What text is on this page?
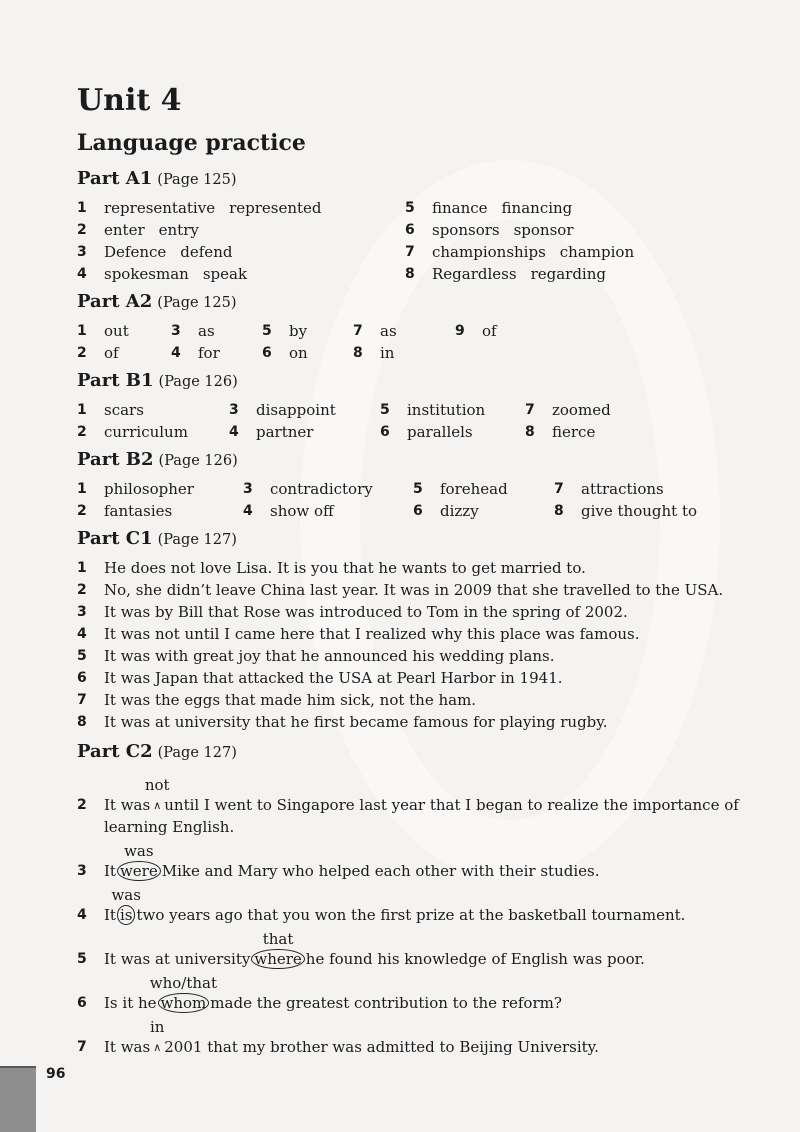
Unit 4
Language practice
Part A1 (Page 125)
1 representative represented
2 enter entry
3 Defence defend
4 spokesman speak
5 finance financing
6 sponsors sponsor
7 championships champion
8 Regardless regarding
Part A2 (Page 125)
1 out	3 as	5 by	7 as	9 of
2 of	4 for	6 on	8 in
Part B1 (Page 126)
1 scars	3 disappoint	5 institution	7 zoomed
2 curriculum	4 partner	6 parallels	8 fierce
Part B2 (Page 126)
1 philosopher	3 contradictory	5 forehead	7 attractions
2 fantasies	4 show off	6 dizzy	8 give thought to
Part C1 (Page 127)
1 He does not love Lisa. It is you that he wants to get married to.
2 No, she didn’t leave China last year. It was in 2009 that she travelled to the USA.
3 It was by Bill that Rose was introduced to Tom in the spring of 2002.
4 It was not until I came here that I realized why this place was famous.
5 It was with great joy that he announced his wedding plans.
6 It was Japan that attacked the USA at Pearl Harbor in 1941.
7 It was the eggs that made him sick, not the ham.
8 It was at university that he first became famous for playing rugby.
Part C2 (Page 127)
2 It was
not
∧ until I went to Singapore last year that I began to realize the importance of
learning English.
3 It
was
were Mike and Mary who helped each other with their studies.
4 It
was
is two years ago that you won the first prize at the basketball tournament.
5 It was at university
that
where he found his knowledge of English was poor.
6 Is it he
who/that
whom made the greatest contribution to the reform?
7 It was
in
∧ 2001 that my brother was admitted to Beijing University.
96
